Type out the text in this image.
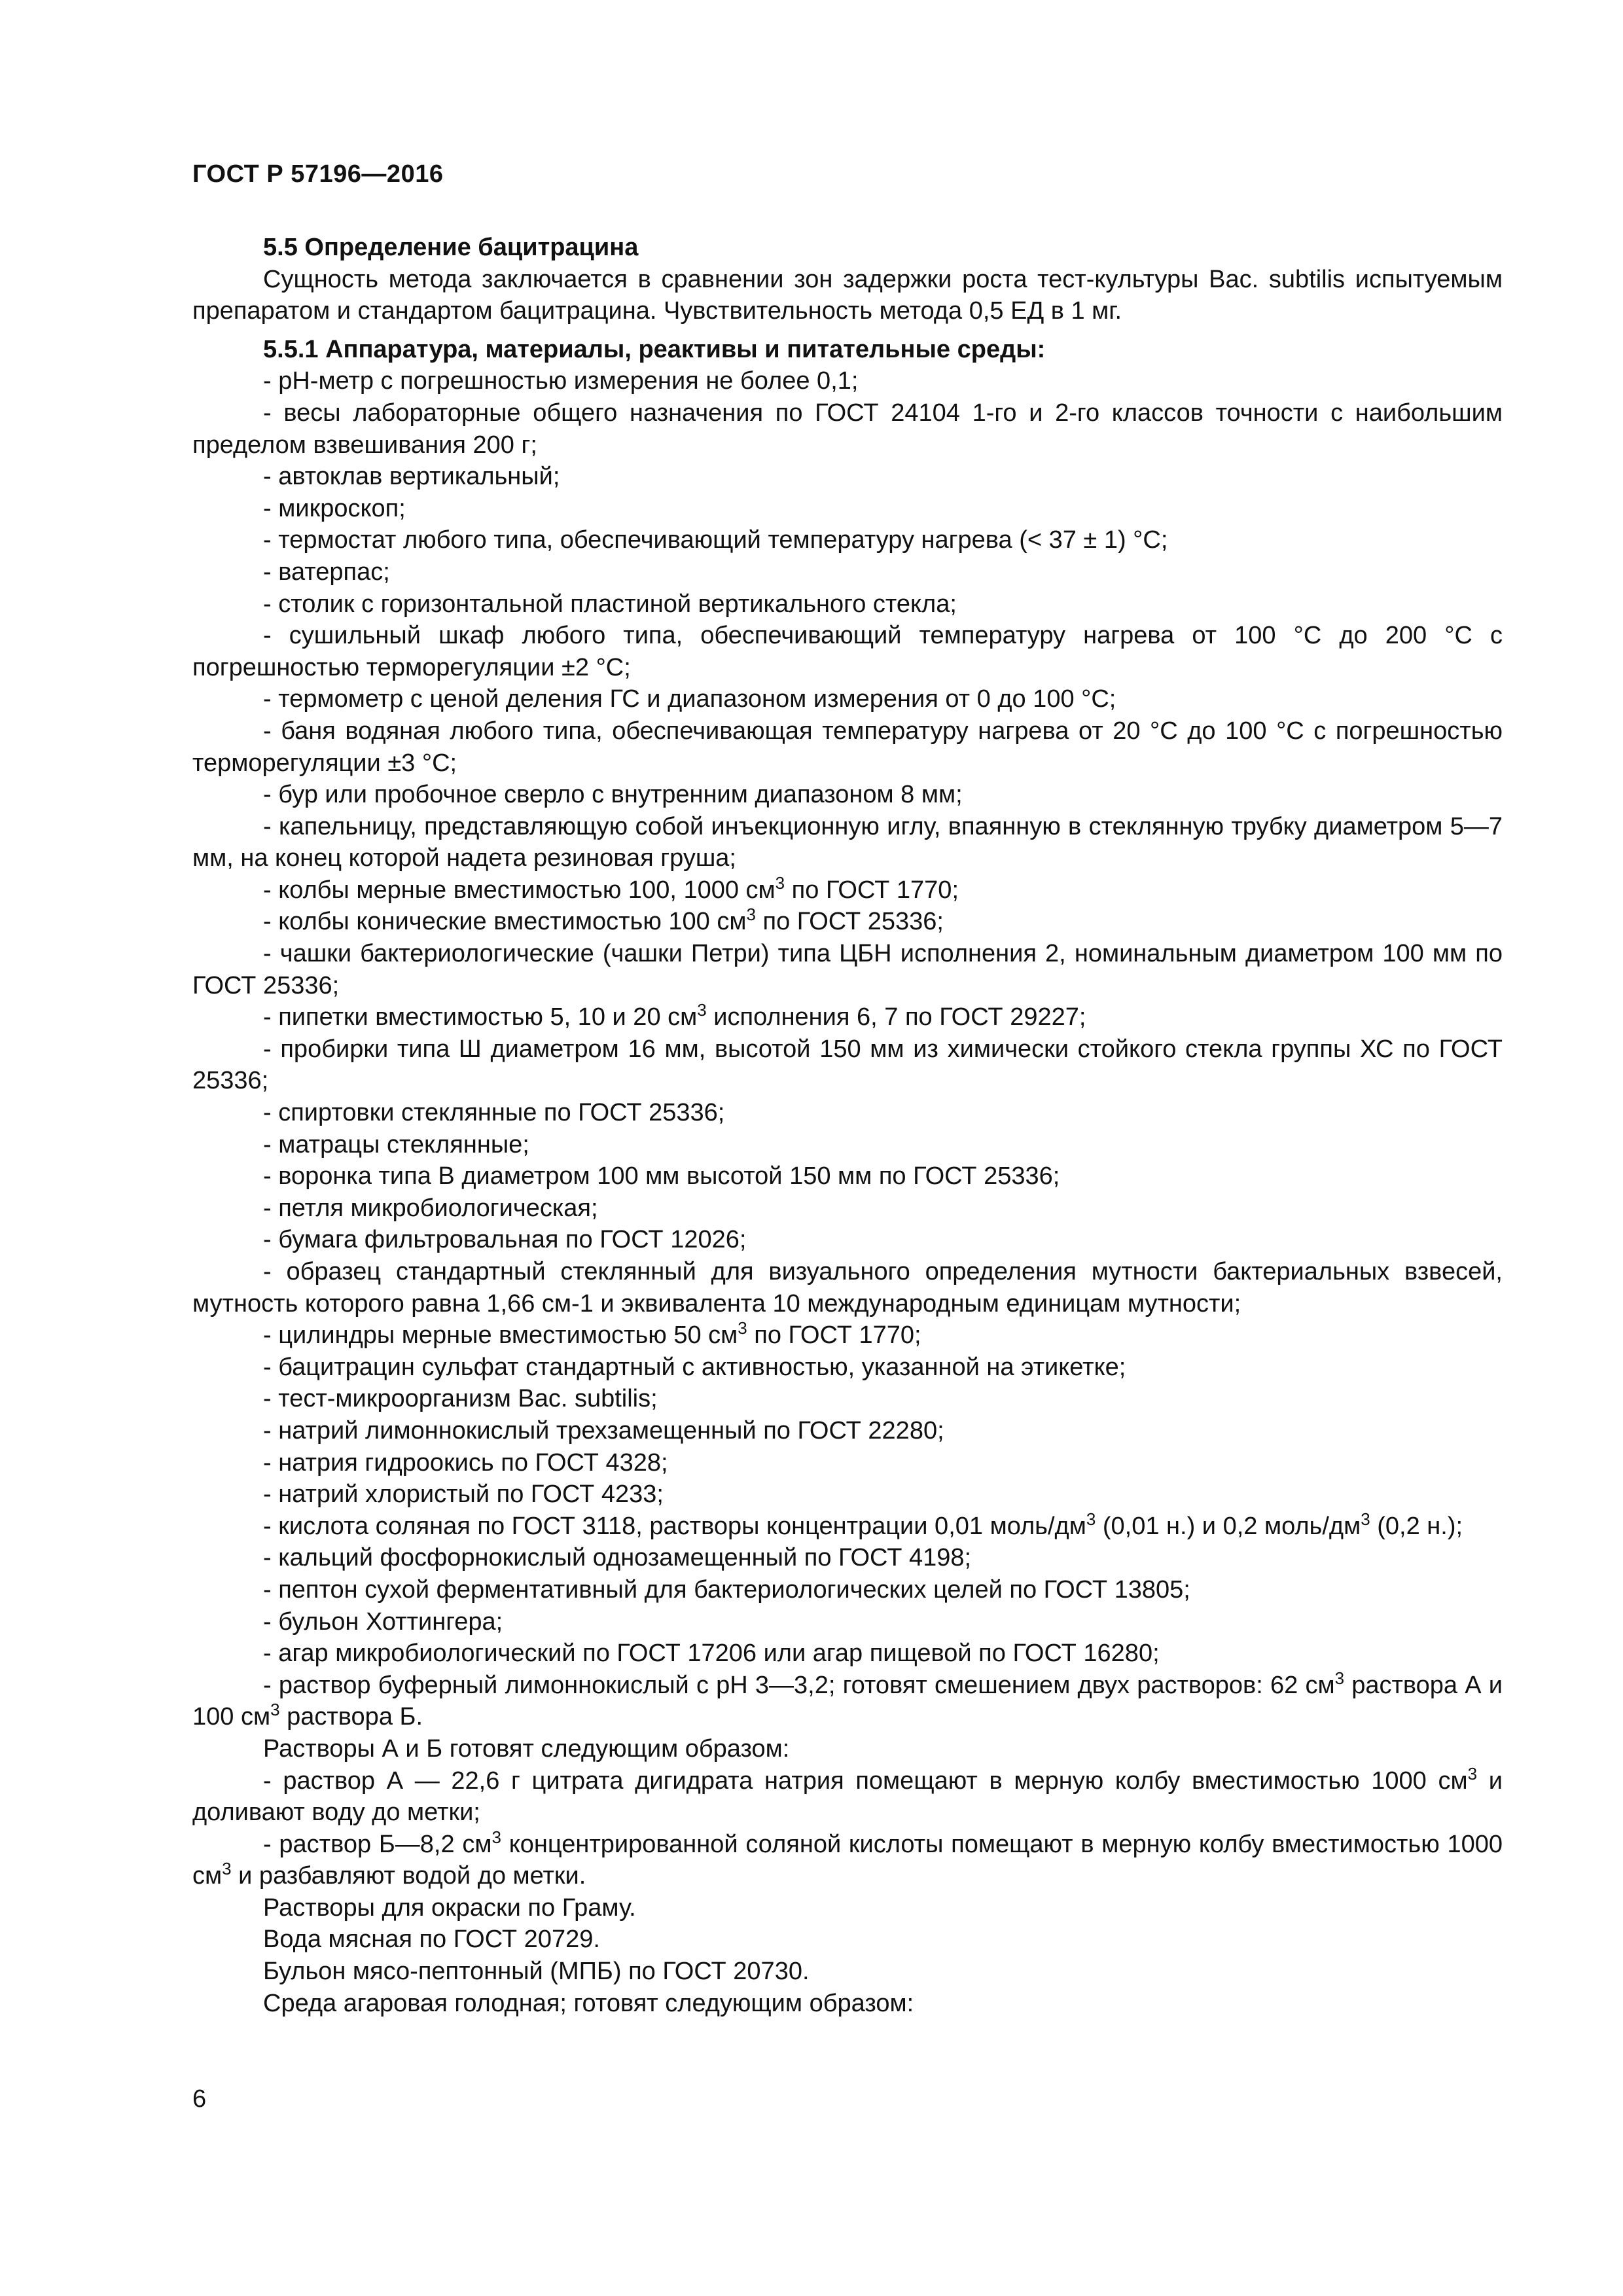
ГОСТ Р 57196—2016

5.5 Определение бацитрацина

Сущность метода заключается в сравнении зон задержки роста тест-культуры Bac. subtilis испытуемым препаратом и стандартом бацитрацина. Чувствительность метода 0,5 ЕД в 1 мг.

5.5.1 Аппаратура, материалы, реактивы и питательные среды:

- рН-метр с погрешностью измерения не более 0,1;

- весы лабораторные общего назначения по ГОСТ 24104 1-го и 2-го классов точности с наибольшим пределом взвешивания 200 г;

- автоклав вертикальный;

- микроскоп;

- термостат любого типа, обеспечивающий температуру нагрева (< 37 ± 1) °С;

- ватерпас;

- столик с горизонтальной пластиной вертикального стекла;

- сушильный шкаф любого типа, обеспечивающий температуру нагрева от 100 °С до 200 °С с погрешностью терморегуляции ±2 °С;

- термометр с ценой деления ГС и диапазоном измерения от 0 до 100 °С;

- баня водяная любого типа, обеспечивающая температуру нагрева от 20 °С до 100 °С с погрешностью терморегуляции ±3 °С;

- бур или пробочное сверло с внутренним диапазоном 8 мм;

- капельницу, представляющую собой инъекционную иглу, впаянную в стеклянную трубку диаметром 5—7 мм, на конец которой надета резиновая груша;

- колбы мерные вместимостью 100, 1000 $см^3$ по ГОСТ 1770;

- колбы конические вместимостью 100 $см^3$ по ГОСТ 25336;

- чашки бактериологические (чашки Петри) типа ЦБН исполнения 2, номинальным диаметром 100 мм по ГОСТ 25336;

- пипетки вместимостью 5, 10 и 20 $см^3$ исполнения 6, 7 по ГОСТ 29227;

- пробирки типа Ш диаметром 16 мм, высотой 150 мм из химически стойкого стекла группы ХС по ГОСТ 25336;

- спиртовки стеклянные по ГОСТ 25336;

- матрацы стеклянные;

- воронка типа В диаметром 100 мм высотой 150 мм по ГОСТ 25336;

- петля микробиологическая;

- бумага фильтровальная по ГОСТ 12026;

- образец стандартный стеклянный для визуального определения мутности бактериальных взвесей, мутность которого равна 1,66 см-1 и эквивалента 10 международным единицам мутности;

- цилиндры мерные вместимостью 50 $см^3$ по ГОСТ 1770;

- бацитрацин сульфат стандартный с активностью, указанной на этикетке;

- тест-микроорганизм Bac. subtilis;

- натрий лимоннокислый трехзамещенный по ГОСТ 22280;

- натрия гидроокись по ГОСТ 4328;

- натрий хлористый по ГОСТ 4233;

- кислота соляная по ГОСТ 3118, растворы концентрации 0,01 моль/$дм^3$ (0,01 н.) и 0,2 моль/$дм^3$ (0,2 н.);

- кальций фосфорнокислый однозамещенный по ГОСТ 4198;

- пептон сухой ферментативный для бактериологических целей по ГОСТ 13805;

- бульон Хоттингера;

- агар микробиологический по ГОСТ 17206 или агар пищевой по ГОСТ 16280;

- раствор буферный лимоннокислый с рН 3—3,2; готовят смешением двух растворов: 62 $см^3$ раствора А и 100 $см^3$ раствора Б.

Растворы А и Б готовят следующим образом:

- раствор А — 22,6 г цитрата дигидрата натрия помещают в мерную колбу вместимостью 1000 $см^3$ и доливают воду до метки;

- раствор Б—8,2 $см^3$ концентрированной соляной кислоты помещают в мерную колбу вместимостью 1000 $см^3$ и разбавляют водой до метки.

Растворы для окраски по Граму.

Вода мясная по ГОСТ 20729.

Бульон мясо-пептонный (МПБ) по ГОСТ 20730.

Среда агаровая голодная; готовят следующим образом:

6
